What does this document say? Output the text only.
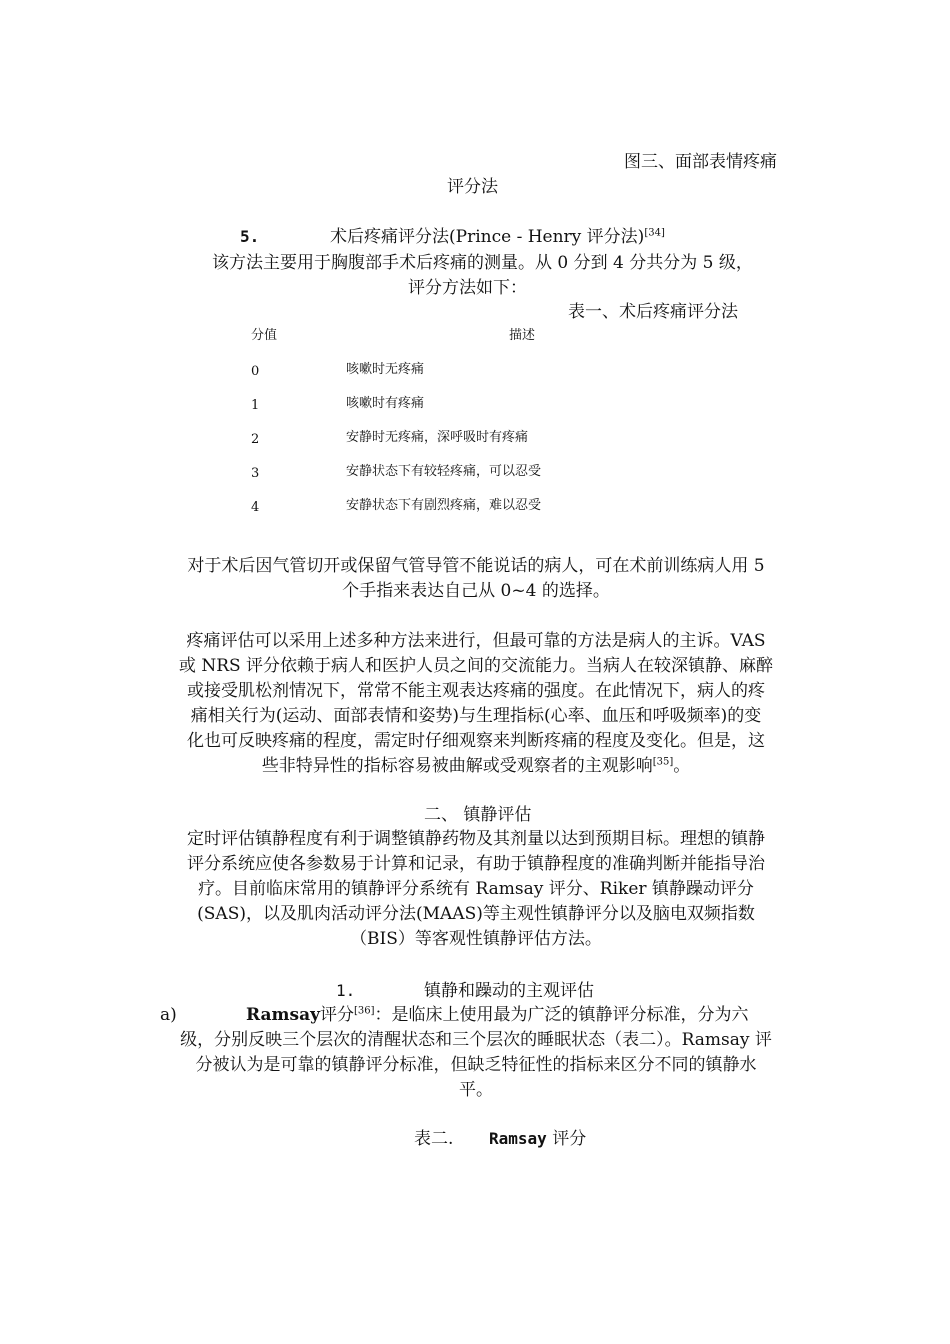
图三、面部表情疼痛
评分法
5.	术后疼痛评分法(Prince - Henry 评分法)[34]
该方法主要用于胸腹部手术后疼痛的测量。从 0 分到 4 分共分为 5 级，
评分方法如下：
表一、术后疼痛评分法
分值	描述
0	咳嗽时无疼痛
1	咳嗽时有疼痛
2	安静时无疼痛，深呼吸时有疼痛
3	安静状态下有较轻疼痛，可以忍受
4	安静状态下有剧烈疼痛，难以忍受
对于术后因气管切开或保留气管导管不能说话的病人，可在术前训练病人用 5
个手指来表达自己从 0~4 的选择。
疼痛评估可以采用上述多种方法来进行，但最可靠的方法是病人的主诉。VAS
或 NRS 评分依赖于病人和医护人员之间的交流能力。当病人在较深镇静、麻醉
或接受肌松剂情况下，常常不能主观表达疼痛的强度。在此情况下，病人的疼
痛相关行为(运动、面部表情和姿势)与生理指标(心率、血压和呼吸频率)的变
化也可反映疼痛的程度，需定时仔细观察来判断疼痛的程度及变化。但是，这
些非特异性的指标容易被曲解或受观察者的主观影响[35]。
二、 镇静评估
定时评估镇静程度有利于调整镇静药物及其剂量以达到预期目标。理想的镇静
评分系统应使各参数易于计算和记录，有助于镇静程度的准确判断并能指导治
疗。目前临床常用的镇静评分系统有 Ramsay 评分、Riker 镇静躁动评分
(SAS)，以及肌肉活动评分法(MAAS)等主观性镇静评分以及脑电双频指数
（BIS）等客观性镇静评估方法。
1.	镇静和躁动的主观评估
a)	Ramsay评分[36]：是临床上使用最为广泛的镇静评分标准，分为六
级，分别反映三个层次的清醒状态和三个层次的睡眠状态（表二）。Ramsay 评
分被认为是可靠的镇静评分标准，但缺乏特征性的指标来区分不同的镇静水
平。
表二. Ramsay 评分
